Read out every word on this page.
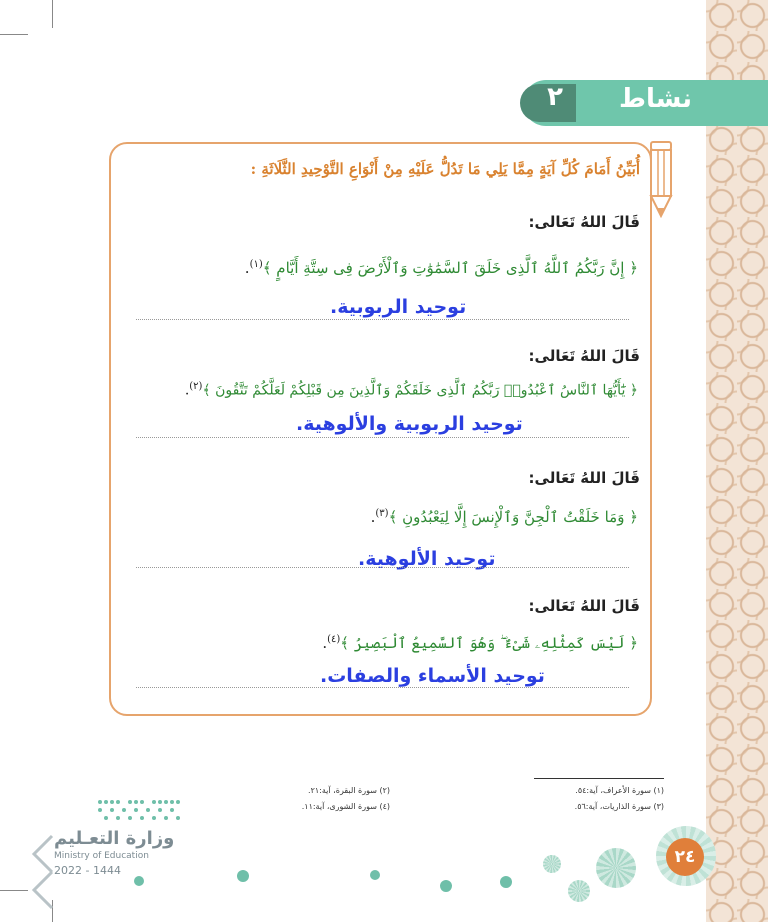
نشاط
٢
أُبَيِّنُ أَمَامَ كُلِّ آيَةٍ مِمَّا يَلِي مَا تَدُلُّ عَلَيْهِ مِنْ أَنْوَاعِ التَّوْحِيدِ الثَّلَاثَةِ :
قَالَ اللهُ تَعَالى:
﴿ إِنَّ رَبَّكُمُ ٱللَّهُ ٱلَّذِى خَلَقَ ٱلسَّمَٰوَٰتِ وَٱلْأَرْضَ فِى سِتَّةِ أَيَّامٍ ﴾$^{(١)}$.
توحيد الربوبية.
قَالَ اللهُ تَعَالى:
﴿ يَٰٓأَيُّهَا ٱلنَّاسُ ٱعْبُدُوا۟ رَبَّكُمُ ٱلَّذِى خَلَقَكُمْ وَٱلَّذِينَ مِن قَبْلِكُمْ لَعَلَّكُمْ تَتَّقُونَ ﴾$^{(٢)}$.
توحيد الربوبية والألوهية.
قَالَ اللهُ تَعَالى:
﴿ وَمَا خَلَقْتُ ٱلْجِنَّ وَٱلْإِنسَ إِلَّا لِيَعْبُدُونِ ﴾$^{(٣)}$.
توحيد الألوهية.
قَالَ اللهُ تَعَالى:
﴿ لَيْسَ كَمِثْلِهِۦ شَىْءٌ ۖ وَهُوَ ٱلسَّمِيعُ ٱلْبَصِيرُ ﴾$^{(٤)}$.
توحيد الأسماء والصفات.
(١) سورة الأعراف، آية:٥٤.
(٢) سورة البقرة، آية:٢١.
(٣) سورة الذاريات، آية:٥٦.
(٤) سورة الشورى، آية:١١.
٢٤
وزارة التعـليم
Ministry of Education
2022 - 1444
